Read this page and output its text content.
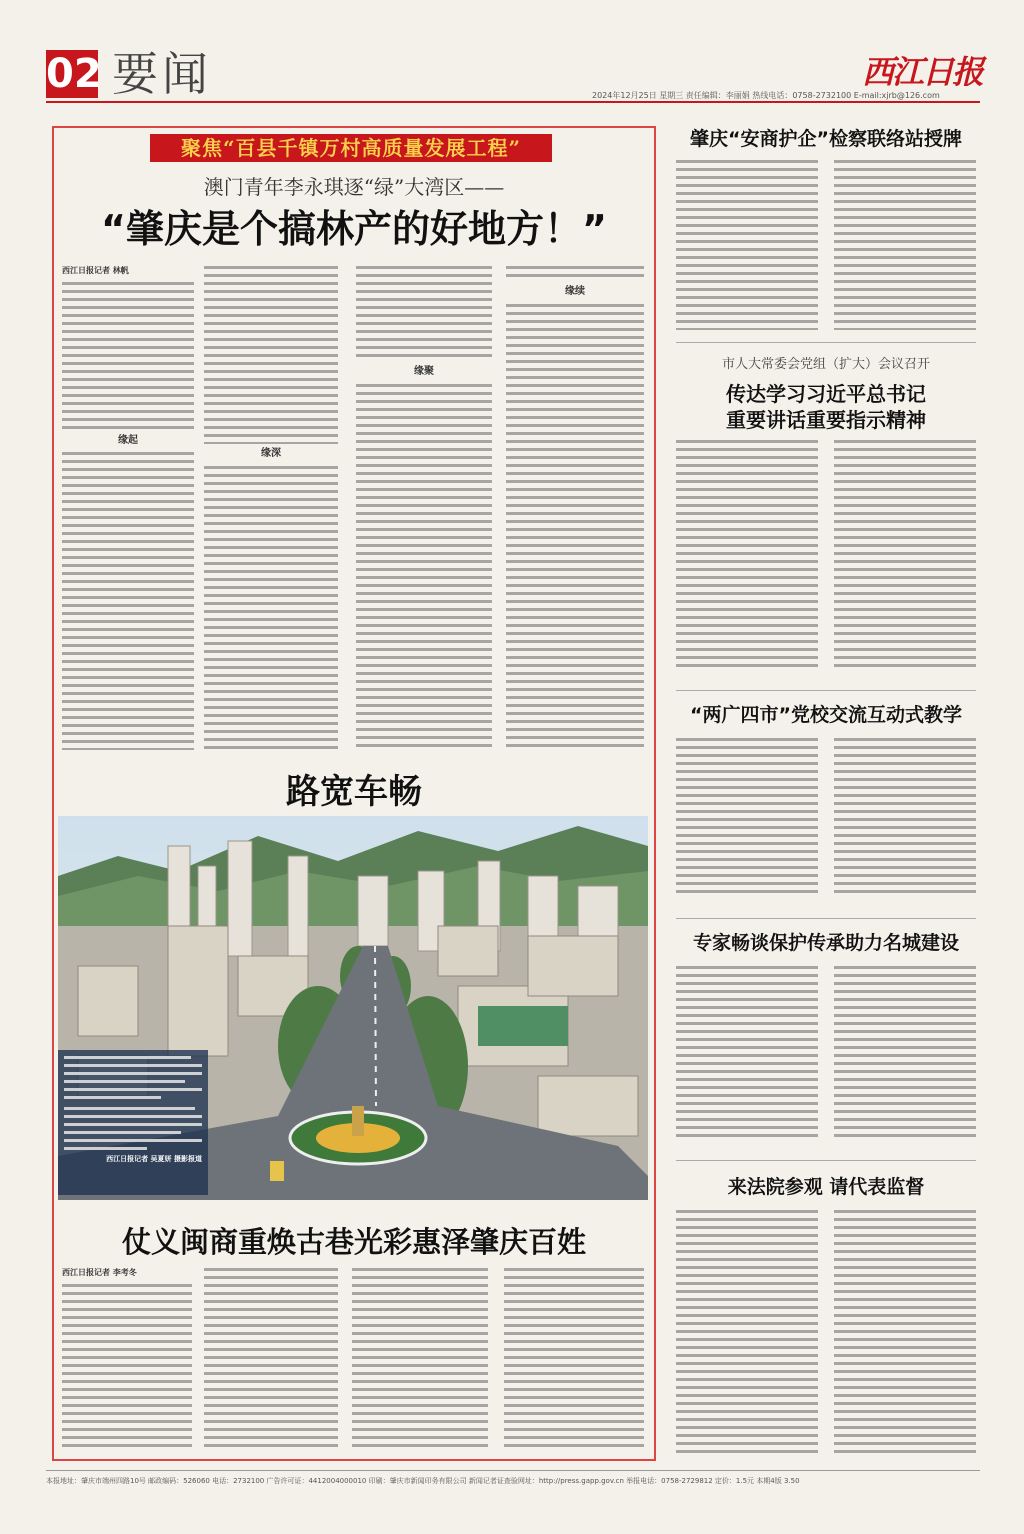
02 要闻	2024年12月25日 星期三 责任编辑：李丽娟 热线电话：0758-2732100 E-mail:xjrb@126.com
西江日报
聚焦“百县千镇万村高质量发展工程”
澳门青年李永琪逐“绿”大湾区——
“肇庆是个搞林产的好地方！”
西江日报记者 林帆
缘起
缘深
缘聚
缘续
路宽车畅
西江日报记者 吴夏妍 摄影报道
仗义闽商重焕古巷光彩惠泽肇庆百姓
西江日报记者 李考冬
肇庆“安商护企”检察联络站授牌
市人大常委会党组（扩大）会议召开
传达学习习近平总书记
重要讲话重要指示精神
“两广四市”党校交流互动式教学
专家畅谈保护传承助力名城建设
来法院参观 请代表监督
本报地址：肇庆市端州四路10号 邮政编码：526060 电话：2732100 广告许可证：4412004000010 印刷：肇庆市新闻印务有限公司 新闻记者证查验网址：http://press.gapp.gov.cn 举报电话：0758-2729812 定价：1.5元 本期4版 3.50
